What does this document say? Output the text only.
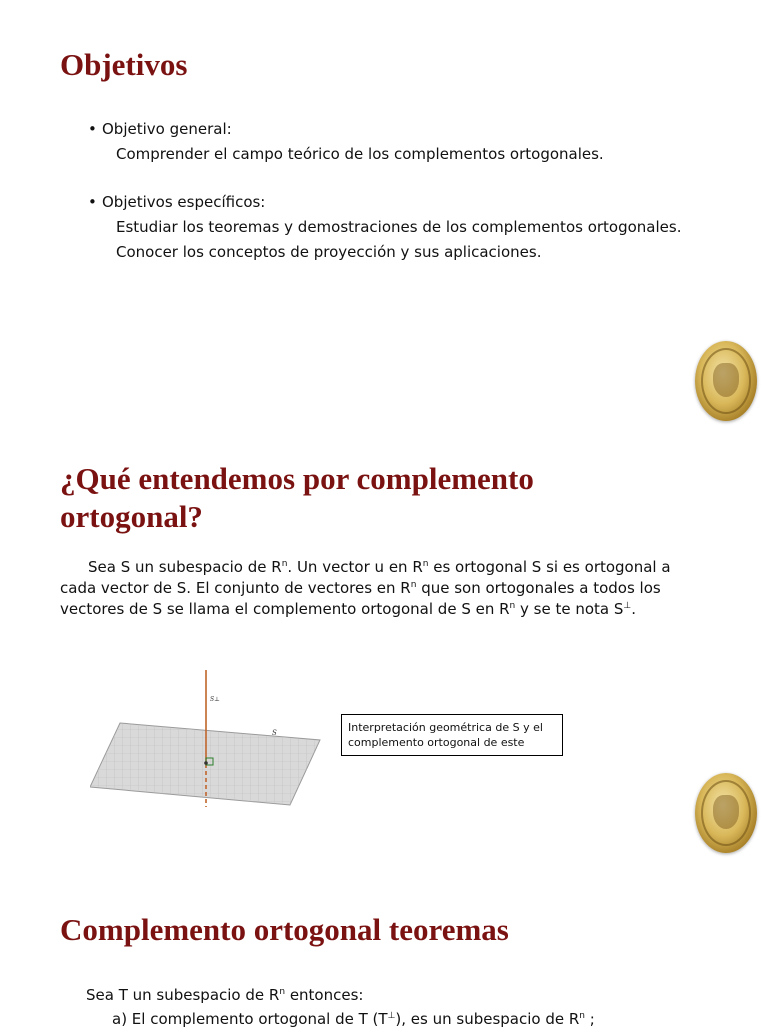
Objetivos
• Objetivo general:
Comprender el campo teórico de los complementos ortogonales.
• Objetivos específicos:
Estudiar los teoremas y demostraciones de los complementos ortogonales.
Conocer los conceptos de proyección y sus aplicaciones.
¿Qué entendemos por complemento
ortogonal?
Sea S un subespacio de $R^n$. Un vector u en $R^n$ es ortogonal S si es ortogonal a cada vector de S. El conjunto de vectores en $R^n$ que son ortogonales a todos los vectores de S se llama el complemento ortogonal de S en $R^n$ y se te nota S⊥.
S⊥
S	Interpretación geométrica de S y el
complemento ortogonal de este
Complemento ortogonal teoremas
Sea T un subespacio de $R^n$ entonces:
a) El complemento ortogonal de T (T⊥), es un subespacio de $R^n$ ;
